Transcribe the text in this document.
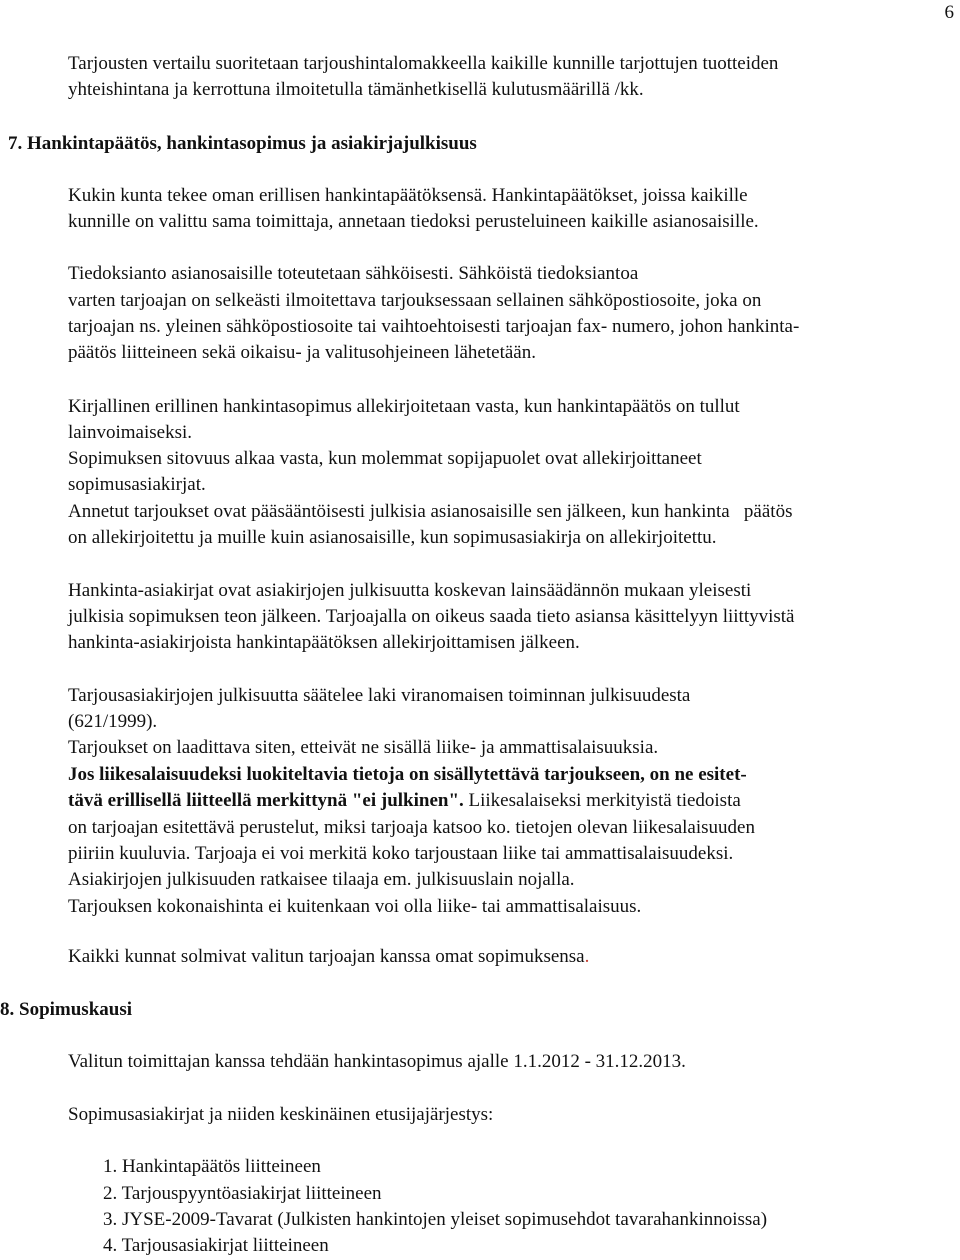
6
Tarjousten vertailu suoritetaan tarjoushintalomakkeella kaikille kunnille tarjottujen tuotteiden
yhteishintana ja kerrottuna ilmoitetulla tämänhetkisellä kulutusmäärillä /kk.
7. Hankintapäätös, hankintasopimus ja asiakirjajulkisuus
Kukin kunta tekee oman erillisen hankintapäätöksensä. Hankintapäätökset, joissa kaikille
kunnille on valittu sama toimittaja, annetaan tiedoksi perusteluineen kaikille asianosaisille.
Tiedoksianto asianosaisille toteutetaan sähköisesti. Sähköistä tiedoksiantoa
varten tarjoajan on selkeästi ilmoitettava tarjouksessaan sellainen sähköpostiosoite, joka on
tarjoajan ns. yleinen sähköpostiosoite tai vaihtoehtoisesti tarjoajan fax- numero, johon hankinta-
päätös liitteineen sekä oikaisu- ja valitusohjeineen lähetetään.
Kirjallinen erillinen hankintasopimus allekirjoitetaan vasta, kun hankintapäätös on tullut
lainvoimaiseksi.
Sopimuksen sitovuus alkaa vasta, kun molemmat sopijapuolet ovat allekirjoittaneet
sopimusasiakirjat.
Annetut tarjoukset ovat pääsääntöisesti julkisia asianosaisille sen jälkeen, kun hankinta   päätös
on allekirjoitettu ja muille kuin asianosaisille, kun sopimusasiakirja on allekirjoitettu.
Hankinta-asiakirjat ovat asiakirjojen julkisuutta koskevan lainsäädännön mukaan yleisesti
julkisia sopimuksen teon jälkeen. Tarjoajalla on oikeus saada tieto asiansa käsittelyyn liittyvistä
hankinta-asiakirjoista hankintapäätöksen allekirjoittamisen jälkeen.
Tarjousasiakirjojen julkisuutta säätelee laki viranomaisen toiminnan julkisuudesta
(621/1999).
Tarjoukset on laadittava siten, etteivät ne sisällä liike- ja ammattisalaisuuksia.
Jos liikesalaisuudeksi luokiteltavia tietoja on sisällytettävä tarjoukseen, on ne esitet-
tävä erillisellä liitteellä merkittynä "ei julkinen". Liikesalaiseksi merkityistä tiedoista
on tarjoajan esitettävä perustelut, miksi tarjoaja katsoo ko. tietojen olevan liikesalaisuuden
piiriin kuuluvia. Tarjoaja ei voi merkitä koko tarjoustaan liike tai ammattisalaisuudeksi.
Asiakirjojen julkisuuden ratkaisee tilaaja em. julkisuuslain nojalla.
Tarjouksen kokonaishinta ei kuitenkaan voi olla liike- tai ammattisalaisuus.
Kaikki kunnat solmivat valitun tarjoajan kanssa omat sopimuksensa.
8. Sopimuskausi
Valitun toimittajan kanssa tehdään hankintasopimus ajalle 1.1.2012 - 31.12.2013.
Sopimusasiakirjat ja niiden keskinäinen etusijajärjestys:
1. Hankintapäätös liitteineen
2. Tarjouspyyntöasiakirjat liitteineen
3. JYSE-2009-Tavarat (Julkisten hankintojen yleiset sopimusehdot tavarahankinnoissa)
4. Tarjousasiakirjat liitteineen
